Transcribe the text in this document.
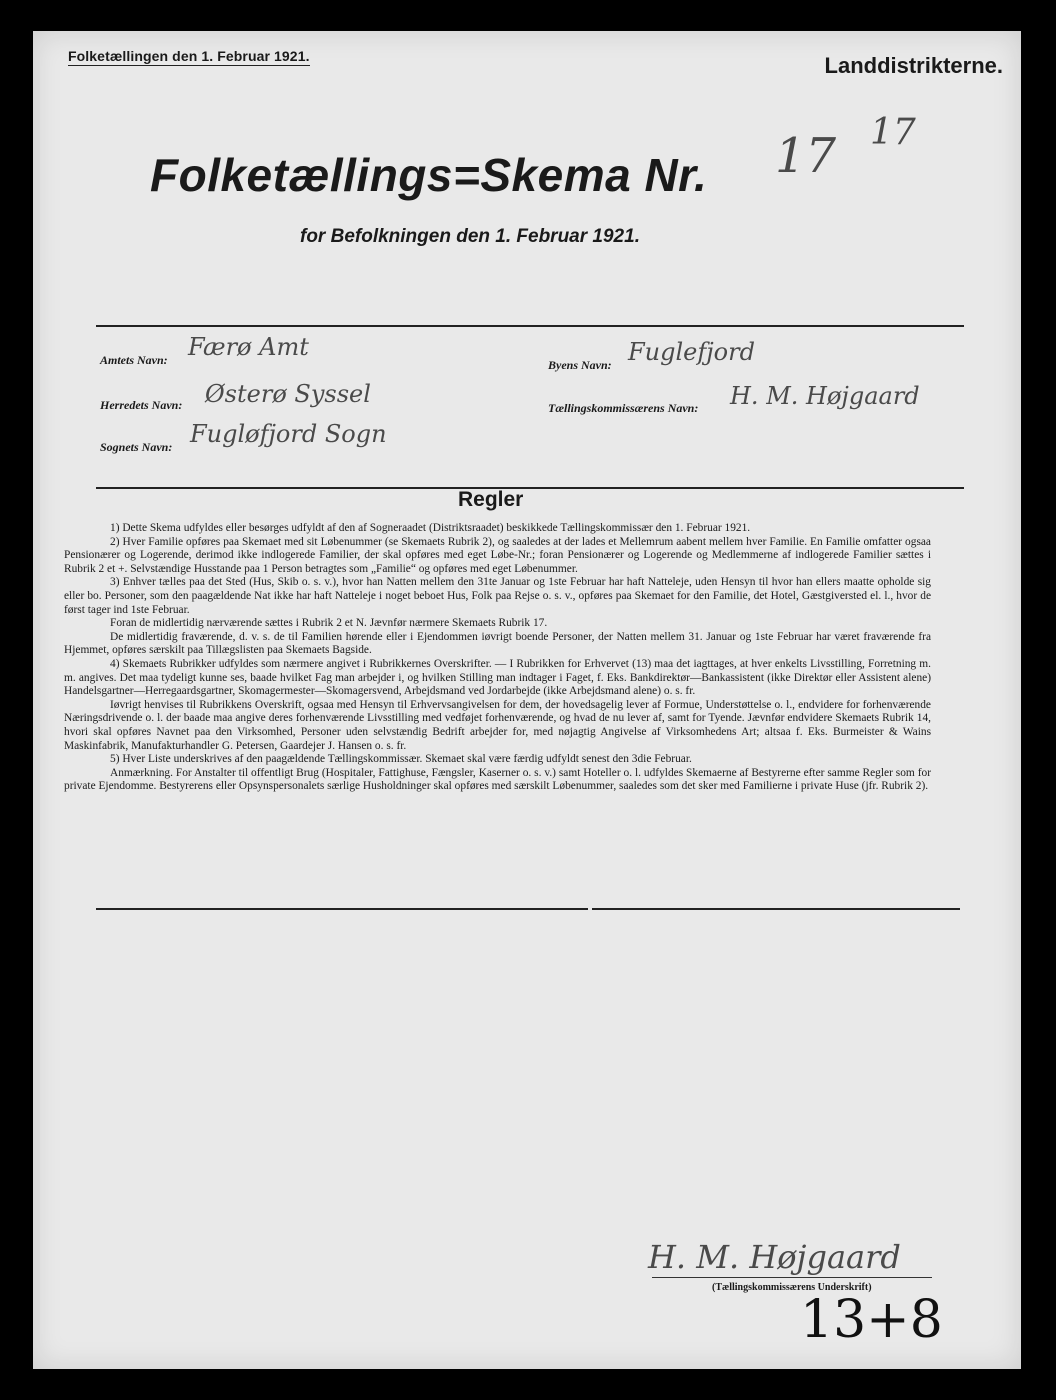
Folketællingen den 1. Februar 1921.	Landdistrikterne.
Folketællings=Skema Nr. 17 17
for Befolkningen den 1. Februar 1921.
Amtets Navn: Færø Amt
Herredets Navn: Østerø Syssel
Sognets Navn: Fugløfjord Sogn
Byens Navn: Fuglefjord
Tællingskommissærens Navn: H. M. Højgaard
Regler

1) Dette Skema udfyldes eller besørges udfyldt af den af Sogneraadet (Distriktsraadet) beskikkede Tællingskommissær den 1. Februar 1921.

2) Hver Familie opføres paa Skemaet med sit Løbenummer (se Skemaets Rubrik 2), og saaledes at der lades et Mellemrum aabent mellem hver Familie. En Familie omfatter ogsaa Pensionærer og Logerende, derimod ikke indlogerede Familier, der skal opføres med eget Løbe-Nr.; foran Pensionærer og Logerende og Medlemmerne af indlogerede Familier sættes i Rubrik 2 et +. Selvstændige Husstande paa 1 Person betragtes som „Familie“ og opføres med eget Løbenummer.

3) Enhver tælles paa det Sted (Hus, Skib o. s. v.), hvor han Natten mellem den 31te Januar og 1ste Februar har haft Natteleje, uden Hensyn til hvor han ellers maatte opholde sig eller bo. Personer, som den paagældende Nat ikke har haft Natteleje i noget beboet Hus, Folk paa Rejse o. s. v., opføres paa Skemaet for den Familie, det Hotel, Gæstgiversted el. l., hvor de først tager ind 1ste Februar.

Foran de midlertidig nærværende sættes i Rubrik 2 et N. Jævnfør nærmere Skemaets Rubrik 17.

De midlertidig fraværende, d. v. s. de til Familien hørende eller i Ejendommen iøvrigt boende Personer, der Natten mellem 31. Januar og 1ste Februar har været fraværende fra Hjemmet, opføres særskilt paa Tillægslisten paa Skemaets Bagside.

4) Skemaets Rubrikker udfyldes som nærmere angivet i Rubrikkernes Overskrifter. — I Rubrikken for Erhvervet (13) maa det iagttages, at hver enkelts Livsstilling, Forretning m. m. angives. Det maa tydeligt kunne ses, baade hvilket Fag man arbejder i, og hvilken Stilling man indtager i Faget, f. Eks. Bankdirektør—Bankassistent (ikke Direktør eller Assistent alene) Handelsgartner—Herregaardsgartner, Skomagermester—Skomagersvend, Arbejdsmand ved Jordarbejde (ikke Arbejdsmand alene) o. s. fr.

Iøvrigt henvises til Rubrikkens Overskrift, ogsaa med Hensyn til Erhvervsangivelsen for dem, der hovedsagelig lever af Formue, Understøttelse o. l., endvidere for forhenværende Næringsdrivende o. l. der baade maa angive deres forhenværende Livsstilling med vedføjet forhenværende, og hvad de nu lever af, samt for Tyende. Jævnfør endvidere Skemaets Rubrik 14, hvori skal opføres Navnet paa den Virksomhed, Personer uden selvstændig Bedrift arbejder for, med nøjagtig Angivelse af Virksomhedens Art; altsaa f. Eks. Burmeister & Wains Maskinfabrik, Manufakturhandler G. Petersen, Gaardejer J. Hansen o. s. fr.

5) Hver Liste underskrives af den paagældende Tællingskommissær. Skemaet skal være færdig udfyldt senest den 3die Februar.

Anmærkning. For Anstalter til offentligt Brug (Hospitaler, Fattighuse, Fængsler, Kaserner o. s. v.) samt Hoteller o. l. udfyldes Skemaerne af Bestyrerne efter samme Regler som for private Ejendomme. Bestyrerens eller Opsynspersonalets særlige Husholdninger skal opføres med særskilt Løbenummer, saaledes som det sker med Familierne i private Huse (jfr. Rubrik 2).

H. M. Højgaard
(Tællingskommissærens Underskrift)
13+8
